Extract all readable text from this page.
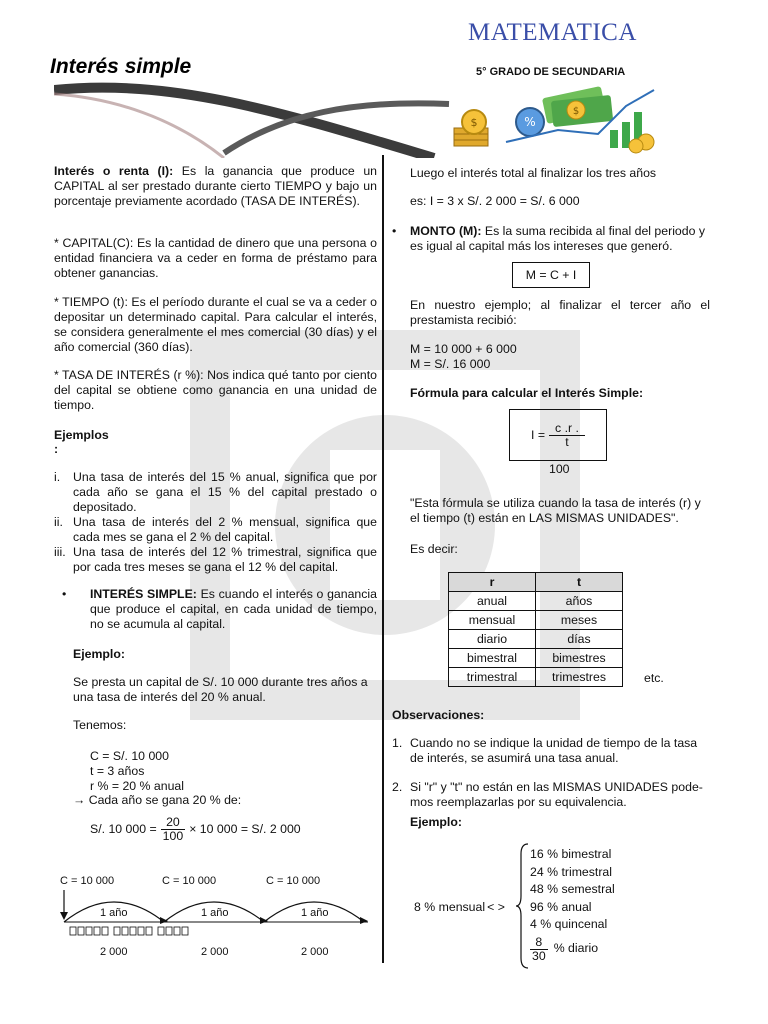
MATEMATICA
5° GRADO DE SECUNDARIA
Interés simple
$
%
$

Interés o renta (I): Es la ganancia que produce un CAPITAL al ser prestado durante cierto TIEMPO y bajo un porcentaje previamente acordado (TASA DE INTERÉS).

* CAPITAL(C): Es la cantidad de dinero que una persona o entidad financiera va a ceder en forma de préstamo para obtener ganancias.

* TIEMPO (t): Es el período durante el cual se va a ceder o depositar un determinado capital. Para calcular el interés, se considera generalmente el mes comercial (30 días) y el año comercial (360 días).

* TASA DE INTERÉS (r %): Nos indica qué tanto por ciento del capital se obtiene como ganancia en una unidad de tiempo.

Ejemplos

:

i.	Una tasa de interés del 15 % anual, significa que por cada año se gana el 15 % del capital prestado o depositado.
ii. Una tasa de interés del 2 % mensual, significa que cada mes se gana el 2 % del capital.
iii. Una tasa de interés del 12 % trimestral, significa que por cada tres meses se gana el 12 % del capital.
•	INTERÉS SIMPLE: Es cuando el interés o ganancia que produce el capital, en cada unidad de tiempo, no se acumula al capital.

Ejemplo:

Se presta un capital de S/. 10 000 durante tres años a una tasa de interés del 20 % anual.

Tenemos:

C = S/. 10 000

t = 3 años

r % = 20 % anual

→ Cada año se gana 20 % de:

S/. 10 $000 = \frac{20}{100} \times 10$ 000 = S/. 2 000
C = 10 000	C = 10 000	C = 10 000
1 año	1 año	1 año
2 000	2 000	2 000

Luego el interés total al finalizar los tres años

es: I = 3 x S/. 2 000 = S/. 6 000

•	MONTO (M): Es la suma recibida al final del periodo y es igual al capital más los intereses que generó.

M = C + I

En nuestro ejemplo; al finalizar el tercer año el prestamista recibió:

M = 10 000 + 6 000

M = S/. 16 000

Fórmula para calcular el Interés Simple:

$I = \frac{c .r .}{t}$
100

"Esta fórmula se utiliza cuando la tasa de interés (r) y el tiempo (t) están en LAS MISMAS UNIDADES".

Es decir:

r	t
anual	años
mensual	meses
diario	días
bimestral	bimestres
trimestral	trimestres	etc.

Observaciones:

1. Cuando no se indique la unidad de tiempo de la tasa de interés, se asumirá una tasa anual.
2. Si "r" y "t" no están en las MISMAS UNIDADES pode-mos reemplazarlas por su equivalencia.

Ejemplo:

8 % mensual < >
16 % bimestral
24 % trimestral
48 % semestral
96 % anual
4 % quincenal
$\frac{8}{30}$ % diario
